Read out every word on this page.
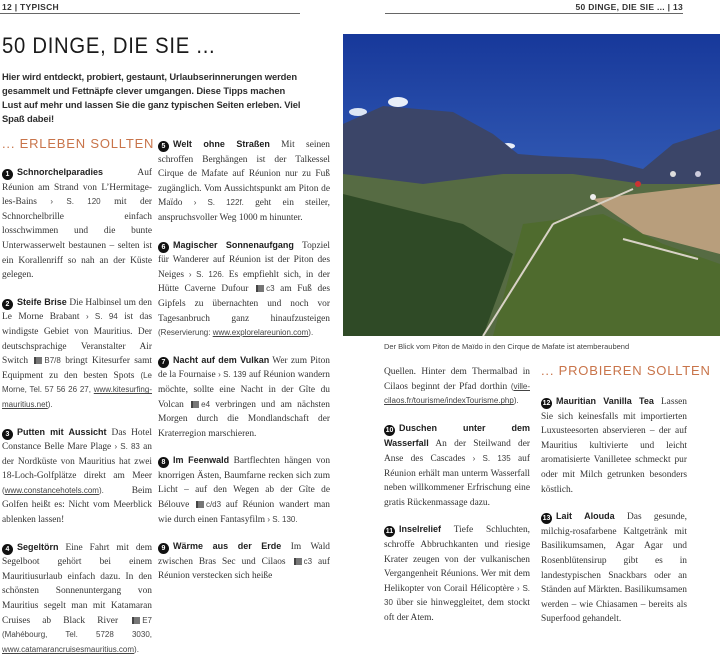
12 | TYPISCH	50 DINGE, DIE SIE ... | 13
50 DINGE, DIE SIE ...

Hier wird entdeckt, probiert, gestaunt, Urlaubserinnerungen werden gesammelt und Fettnäpfe clever umgangen. Diese Tipps machen Lust auf mehr und lassen Sie die ganz typischen Seiten erleben. Viel Spaß dabei!

... ERLEBEN SOLLTEN

1 Schnorchelparadies Auf Réunion am Strand von L’Hermitage-les-Bains › S. 120 mit der Schnorchelbrille einfach losschwimmen und die bunte Unterwasserwelt bestaunen – selten ist ein Korallenriff so nah an der Küste gelegen.

2 Steife Brise Die Halbinsel um den Le Morne Brabant › S. 94 ist das windigste Gebiet von Mauritius. Der deutschsprachige Veranstalter Air Switch B7/8 bringt Kitesurfer samt Equipment zu den besten Spots (Le Morne, Tel. 57 56 26 27, www.kitesurfing-mauritius.net).

3 Putten mit Aussicht Das Hotel Constance Belle Mare Plage › S. 83 an der Nordküste von Mauritius hat zwei 18-Loch-Golfplätze direkt am Meer (www.constancehotels.com). Beim Golfen heißt es: Nicht vom Meerblick ablenken lassen!

4 Segeltörn Eine Fahrt mit dem Segelboot gehört bei einem Mauritiusurlaub einfach dazu. In den schönsten Sonnenuntergang von Mauritius segelt man mit Katamaran Cruises ab Black River E7 (Mahébourg, Tel. 5728 3030, www.catamarancruisesmauritius.com).

5 Welt ohne Straßen Mit seinen schroffen Berghängen ist der Talkessel Cirque de Mafate auf Réunion nur zu Fuß zugänglich. Vom Aussichtspunkt am Piton de Maïdo › S. 122f. geht ein steiler, anspruchsvoller Weg 1000 m hinunter.

6 Magischer Sonnenaufgang Topziel für Wanderer auf Réunion ist der Piton des Neiges › S. 126. Es empfiehlt sich, in der Hütte Caverne Dufour c3 am Fuß des Gipfels zu übernachten und noch vor Tagesanbruch ganz hinaufzusteigen (Reservierung: www.explorelareunion.com).

7 Nacht auf dem Vulkan Wer zum Piton de la Fournaise › S. 139 auf Réunion wandern möchte, sollte eine Nacht in der Gîte du Volcan e4 verbringen und am nächsten Morgen durch die Mondlandschaft der Kraterregion marschieren.

8 Im Feenwald Bartflechten hängen von knorrigen Ästen, Baumfarne recken sich zum Licht – auf den Wegen ab der Gîte de Bélouve c/d3 auf Réunion wandert man wie durch einen Fantasyfilm › S. 130.

9 Wärme aus der Erde Im Wald zwischen Bras Sec und Cilaos c3 auf Réunion verstecken sich heiße

Der Blick vom Piton de Maïdo in den Cirque de Mafate ist atemberaubend

Quellen. Hinter dem Thermalbad in Cilaos beginnt der Pfad dorthin (ville-cilaos.fr/tourisme/indexTourisme.php).

10 Duschen unter dem Wasserfall An der Steilwand der Anse des Cascades › S. 135 auf Réunion erhält man unterm Wasserfall neben willkommener Erfrischung eine gratis Rückenmassage dazu.

11 Inselrelief Tiefe Schluchten, schroffe Abbruchkanten und riesige Krater zeugen von der vulkanischen Vergangenheit Réunions. Wer mit dem Helikopter von Corail Hélicoptère › S. 30 über sie hinweggleitet, dem stockt oft der Atem.

... PROBIEREN SOLLTEN

12 Mauritian Vanilla Tea Lassen Sie sich keinesfalls mit importierten Luxusteesorten abservieren – der auf Mauritius kultivierte und leicht aromatisierte Vanilletee schmeckt pur oder mit Milch getrunken besonders köstlich.

13 Lait Alouda Das gesunde, milchig-rosafarbene Kaltgetränk mit Basilikumsamen, Agar Agar und Rosenblütensirup gibt es in landestypischen Snackbars oder an Ständen auf Märkten. Basilikumsamen werden – wie Chiasamen – bereits als Superfood gehandelt.
